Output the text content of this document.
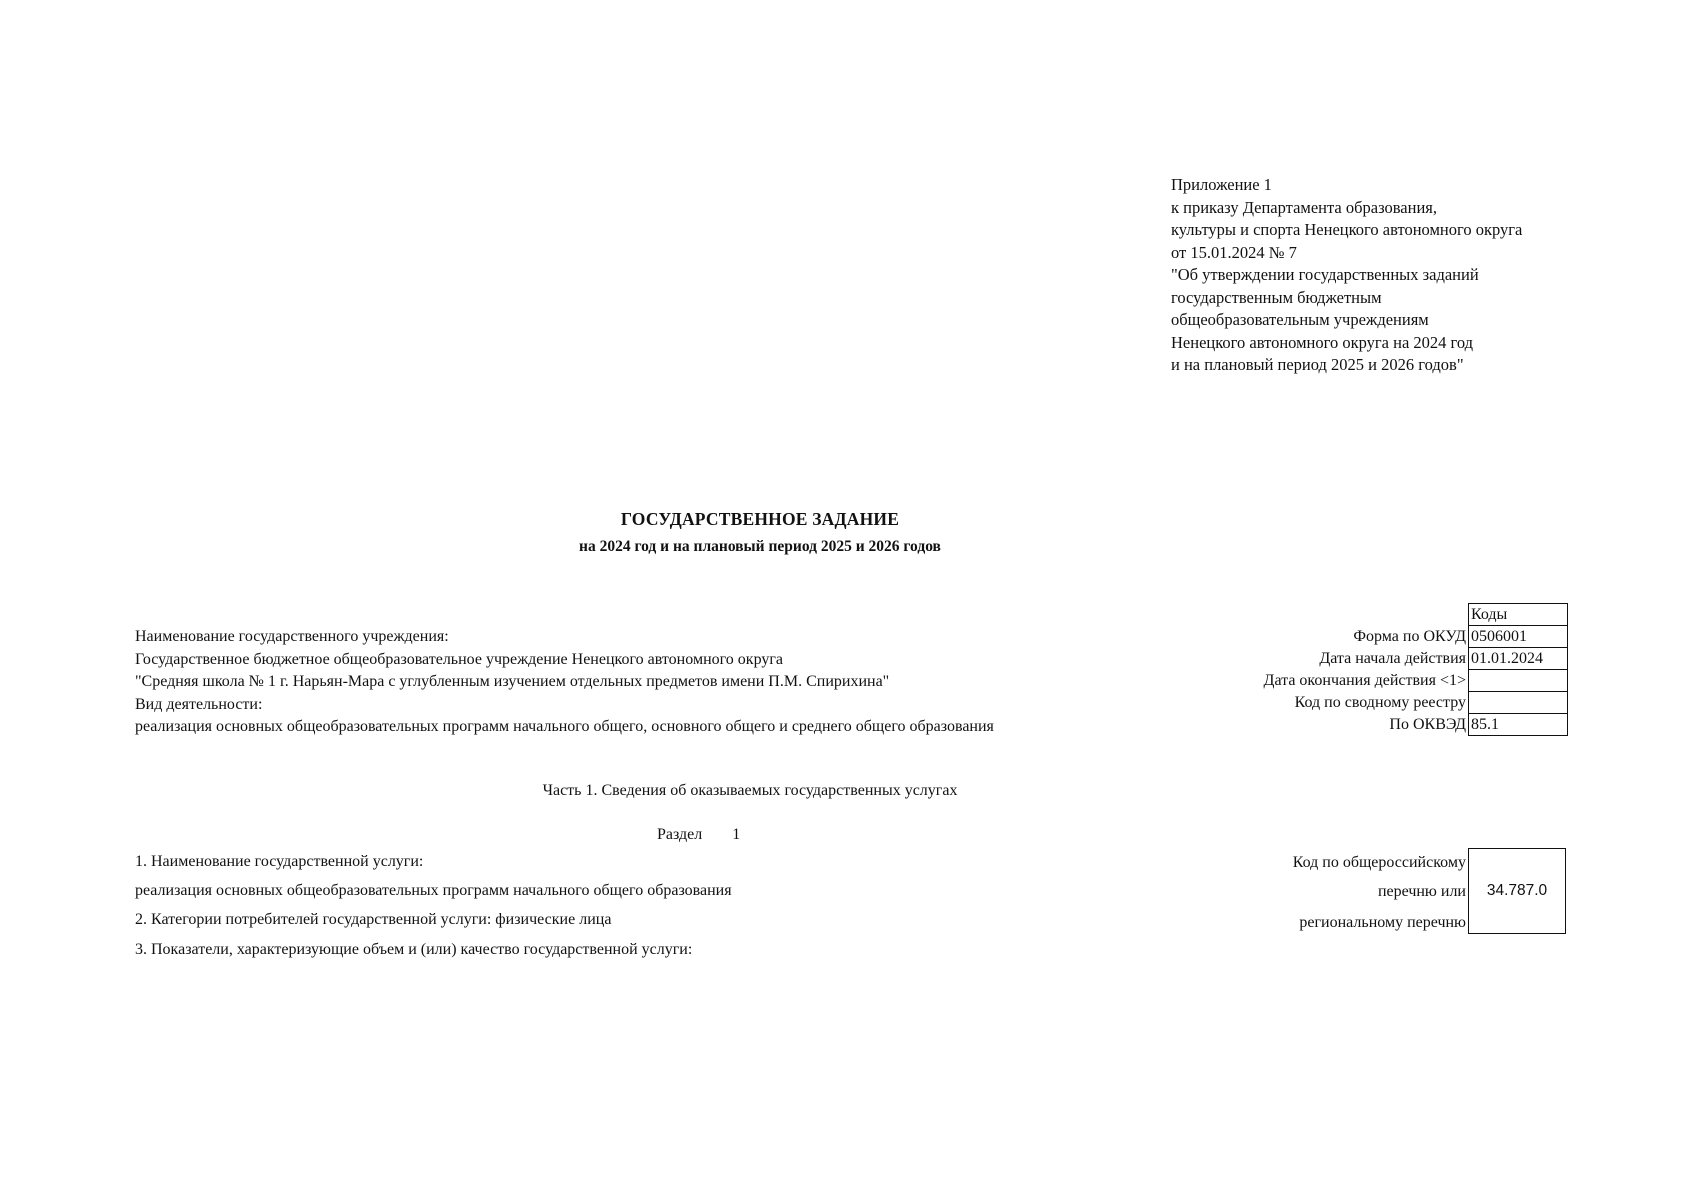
Приложение 1
к приказу Департамента образования,
культуры и спорта Ненецкого автономного округа
от 15.01.2024 № 7
"Об утверждении государственных заданий
государственным бюджетным
общеобразовательным учреждениям
Ненецкого автономного округа на 2024 год
и на плановый период 2025 и 2026 годов"
ГОСУДАРСТВЕННОЕ ЗАДАНИЕ
на 2024 год и на плановый период 2025 и 2026 годов
Наименование государственного учреждения:
Государственное бюджетное общеобразовательное учреждение Ненецкого автономного округа
"Средняя школа № 1 г. Нарьян-Мара с углубленным изучением отдельных предметов имени П.М. Спирихина"
Вид деятельности:
реализация основных общеобразовательных программ начального общего, основного общего и среднего общего образования
	Коды
Форма по ОКУД	0506001
Дата начала действия	01.01.2024
Дата окончания действия <1>	
Код по сводному реестру	
По ОКВЭД	85.1
Часть 1. Сведения об оказываемых государственных услугах
Раздел 1
1. Наименование государственной услуги:
реализация основных общеобразовательных программ начального общего образования
2. Категории потребителей государственной услуги: физические лица
3. Показатели, характеризующие объем и (или) качество государственной услуги:
Код по общероссийскому
перечню или
региональному перечню
34.787.0
